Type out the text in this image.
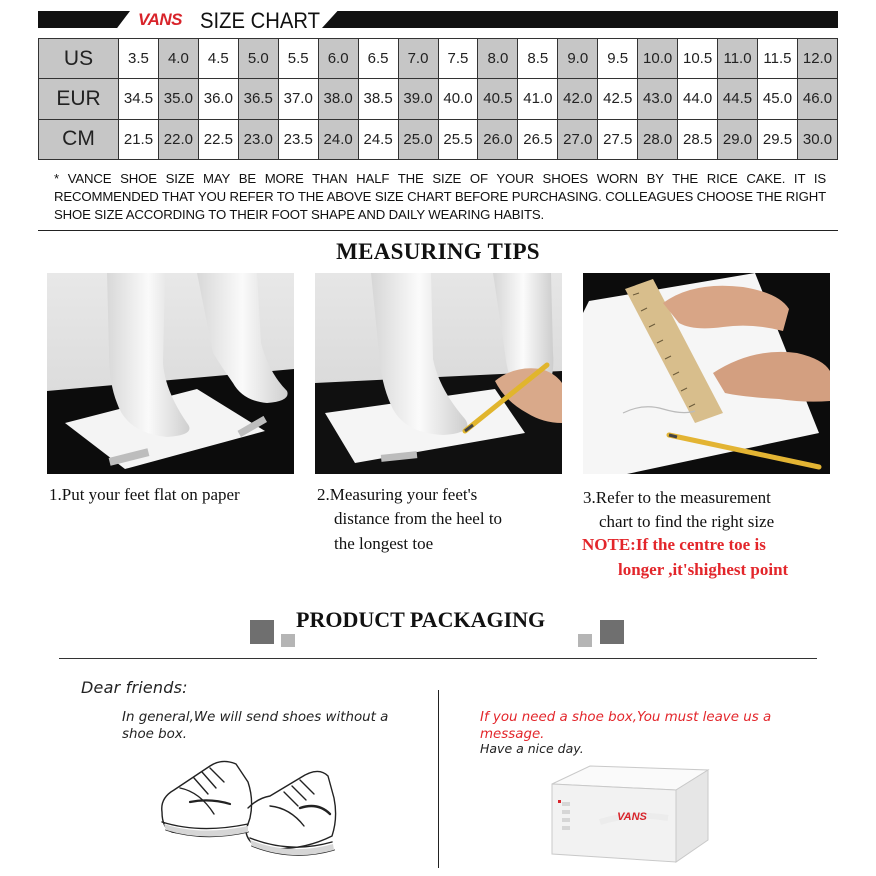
VANS SIZE CHART
US	3.5	4.0	4.5	5.0	5.5	6.0	6.5	7.0	7.5	8.0	8.5	9.0	9.5	10.0	10.5	11.0	11.5	12.0
EUR	34.5	35.0	36.0	36.5	37.0	38.0	38.5	39.0	40.0	40.5	41.0	42.0	42.5	43.0	44.0	44.5	45.0	46.0
CM	21.5	22.0	22.5	23.0	23.5	24.0	24.5	25.0	25.5	26.0	26.5	27.0	27.5	28.0	28.5	29.0	29.5	30.0
* VANCE SHOE SIZE MAY BE MORE THAN HALF THE SIZE OF YOUR SHOES WORN BY THE RICE CAKE. IT IS RECOMMENDED THAT YOU REFER TO THE ABOVE SIZE CHART BEFORE PURCHASING. COLLEAGUES CHOOSE THE RIGHT SHOE SIZE ACCORDING TO THEIR FOOT SHAPE AND DAILY WEARING HABITS.
MEASURING TIPS
1.Put your feet flat on paper	2.Measuring your feet's
distance from the heel to
the longest toe
3.Refer to the measurement
chart to find the right size
NOTE:If the centre toe is
longer ,it'shighest point
PRODUCT PACKAGING
Dear friends:
In general,We will send shoes without a shoe box.
If you need a shoe box,You must leave us a message.
Have a nice day.
VANS
